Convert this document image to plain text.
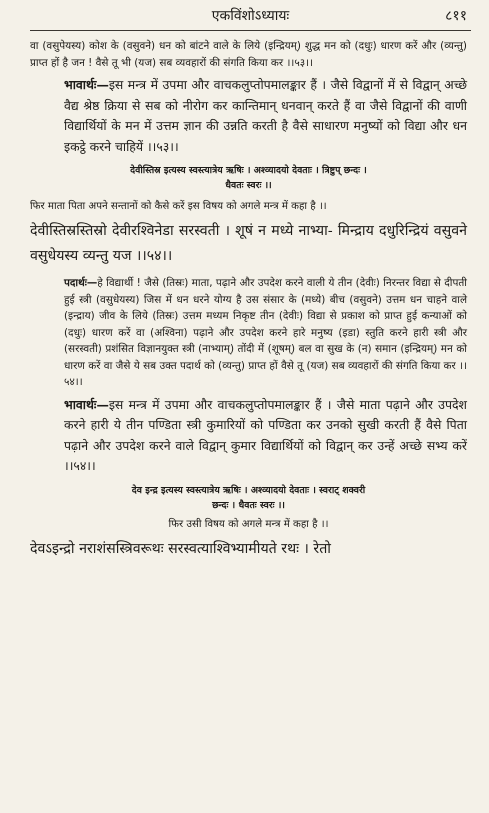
एकविंशोऽध्यायः	८११

वा (वसुपेयस्य) कोश के (वसुवने) धन को बांटने वाले के लिये (इन्द्रियम्) शुद्ध मन को (दधुः) धारण करें और (व्यन्तु) प्राप्त हों है जन ! वैसे तू भी (यज) सब व्यवहारों की संगति किया कर ।।५३।।

भावार्थः—इस मन्त्र में उपमा और वाचकलुप्तोपमालङ्कार हैं । जैसे विद्वानों में से विद्वान् अच्छे वैद्य श्रेष्ठ क्रिया से सब को नीरोग कर कान्तिमान् धनवान् करते हैं वा जैसे विद्वानों की वाणी विद्यार्थियों के मन में उत्तम ज्ञान की उन्नति करती है वैसे साधारण मनुष्यों को विद्या और धन इकट्ठे करने चाहियें ।।५३।।

देवीस्तिस्र इत्यस्य स्वस्त्यात्रेय ऋषिः । अश्व्यादयो देवताः । त्रिष्टुप् छन्दः ।

धैवतः स्वरः ।।

फिर माता पिता अपने सन्तानों को कैसे करें इस विषय को अगले मन्त्र में कहा है ।।

देवीस्तिस्रस्तिस्रो देवीरश्विनेडा सरस्वती । शूषं न मध्ये नाभ्या- मिन्द्राय दधुरिन्द्रियं वसुवने वसुधेयस्य व्यन्तु यज ।।५४।।

पदार्थः—हे विद्यार्थी ! जैसे (तिस्रः) माता, पढ़ाने और उपदेश करने वाली ये तीन (देवीः) निरन्तर विद्या से दीपती हुई स्त्री (वसुधेयस्य) जिस में धन धरने योग्य है उस संसार के (मध्ये) बीच (वसुवने) उत्तम धन चाहने वाले (इन्द्राय) जीव के लिये (तिस्रः) उत्तम मध्यम निकृष्ट तीन (देवीः) विद्या से प्रकाश को प्राप्त हुई कन्याओं को (दधुः) धारण करें वा (अश्विना) पढ़ाने और उपदेश करने हारे मनुष्य (इडा) स्तुति करने हारी स्त्री और (सरस्वती) प्रशंसित विज्ञानयुक्त स्त्री (नाभ्याम्) तोंदी में (शूषम्) बल वा सुख के (न) समान (इन्द्रियम्) मन को धारण करें वा जैसे ये सब उक्त पदार्थ को (व्यन्तु) प्राप्त हों वैसे तू (यज) सब व्यवहारों की संगति किया कर ।।५४।।

भावार्थः—इस मन्त्र में उपमा और वाचकलुप्तोपमालङ्कार हैं । जैसे माता पढ़ाने और उपदेश करने हारी ये तीन पण्डिता स्त्री कुमारियों को पण्डिता कर उनको सुखी करती हैं वैसे पिता पढ़ाने और उपदेश करने वाले विद्वान् कुमार विद्यार्थियों को विद्वान् कर उन्हें अच्छे सभ्य करें ।।५४।।

देव इन्द्र इत्यस्य स्वस्त्यात्रेय ऋषिः । अश्व्यादयो देवताः । स्वराट् शक्वरी

छन्दः । धैवतः स्वरः ।।

फिर उसी विषय को अगले मन्त्र में कहा है ।।

देवऽइन्द्रो नराशंसस्त्रिवरूथः सरस्वत्याश्विभ्यामीयते रथः । रेतो
